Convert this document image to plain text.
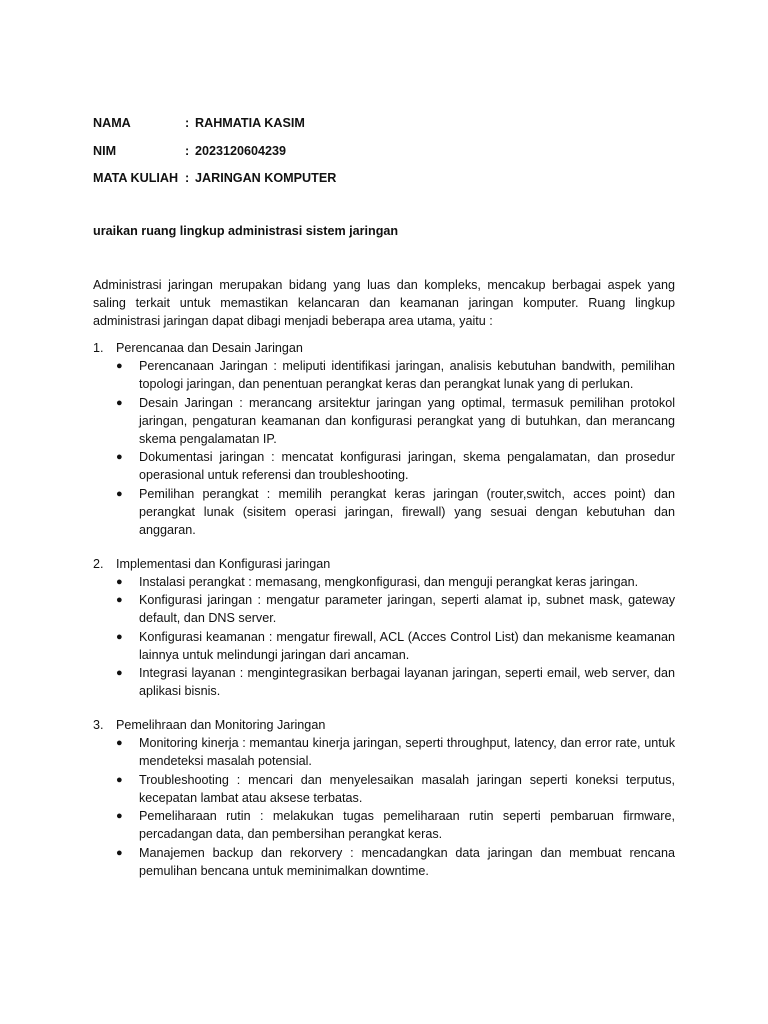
NAMA	: RAHMATIA KASIM
NIM	: 2023120604239
MATA KULIAH : JARINGAN KOMPUTER
uraikan ruang lingkup administrasi sistem jaringan

Administrasi jaringan merupakan bidang yang luas dan kompleks, mencakup berbagai aspek yang saling terkait untuk memastikan kelancaran dan keamanan jaringan komputer. Ruang lingkup administrasi jaringan dapat dibagi menjadi beberapa area utama, yaitu :

1. Perencanaa dan Desain Jaringan
●	Perencanaan Jaringan : meliputi identifikasi jaringan, analisis kebutuhan bandwith, pemilihan topologi jaringan, dan penentuan perangkat keras dan perangkat lunak yang di perlukan.
●	Desain Jaringan : merancang arsitektur jaringan yang optimal, termasuk pemilihan protokol jaringan, pengaturan keamanan dan konfigurasi perangkat yang di butuhkan, dan merancang skema pengalamatan IP.
●	Dokumentasi jaringan : mencatat konfigurasi jaringan, skema pengalamatan, dan prosedur operasional untuk referensi dan troubleshooting.
●	Pemilihan perangkat : memilih perangkat keras jaringan (router,switch, acces point) dan perangkat lunak (sisitem operasi jaringan, firewall) yang sesuai dengan kebutuhan dan anggaran.
2. Implementasi dan Konfigurasi jaringan
●	Instalasi perangkat : memasang, mengkonfigurasi, dan menguji perangkat keras jaringan.
●	Konfigurasi jaringan : mengatur parameter jaringan, seperti alamat ip, subnet mask, gateway default, dan DNS server.
●	Konfigurasi keamanan : mengatur firewall, ACL (Acces Control List) dan mekanisme keamanan lainnya untuk melindungi jaringan dari ancaman.
●	Integrasi layanan : mengintegrasikan berbagai layanan jaringan, seperti email, web server, dan aplikasi bisnis.
3. Pemelihraan dan Monitoring Jaringan
●	Monitoring kinerja : memantau kinerja jaringan, seperti throughput, latency, dan error rate, untuk mendeteksi masalah potensial.
●	Troubleshooting : mencari dan menyelesaikan masalah jaringan seperti koneksi terputus, kecepatan lambat atau aksese terbatas.
●	Pemeliharaan rutin : melakukan tugas pemeliharaan rutin seperti pembaruan firmware, percadangan data, dan pembersihan perangkat keras.
●	Manajemen backup dan rekorvery : mencadangkan data jaringan dan membuat rencana pemulihan bencana untuk meminimalkan downtime.
